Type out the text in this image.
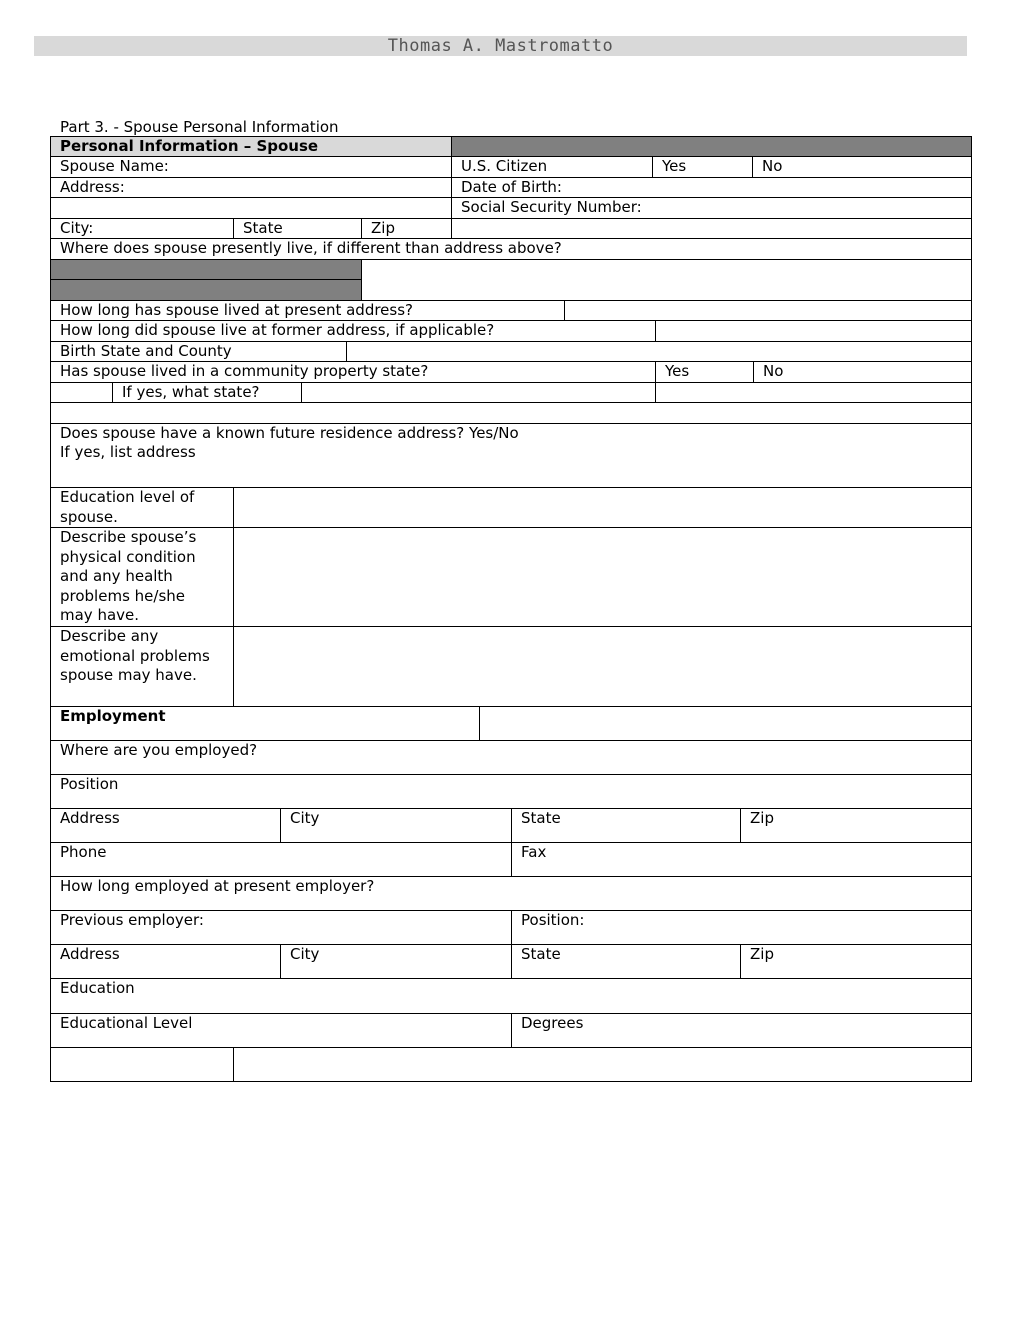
Thomas A. Mastromatto
Part 3. - Spouse Personal Information
Personal Information – Spouse
Spouse Name:	U.S. Citizen	Yes	No
Address:	Date of Birth:
Social Security Number:
City:	State	Zip
Where does spouse presently live, if different than address above?
How long has spouse lived at present address?
How long did spouse live at former address, if applicable?
Birth State and County
Has spouse lived in a community property state?	Yes	No
If yes, what state?
Does spouse have a known future residence address? Yes/No
If yes, list address
Education level of spouse.
Describe spouse’s physical condition and any health problems he/she may have.
Describe any emotional problems spouse may have.
Employment
Where are you employed?
Position
Address	City	State	Zip
Phone	Fax
How long employed at present employer?
Previous employer:	Position:
Address	City	State	Zip
Education
Educational Level	Degrees
